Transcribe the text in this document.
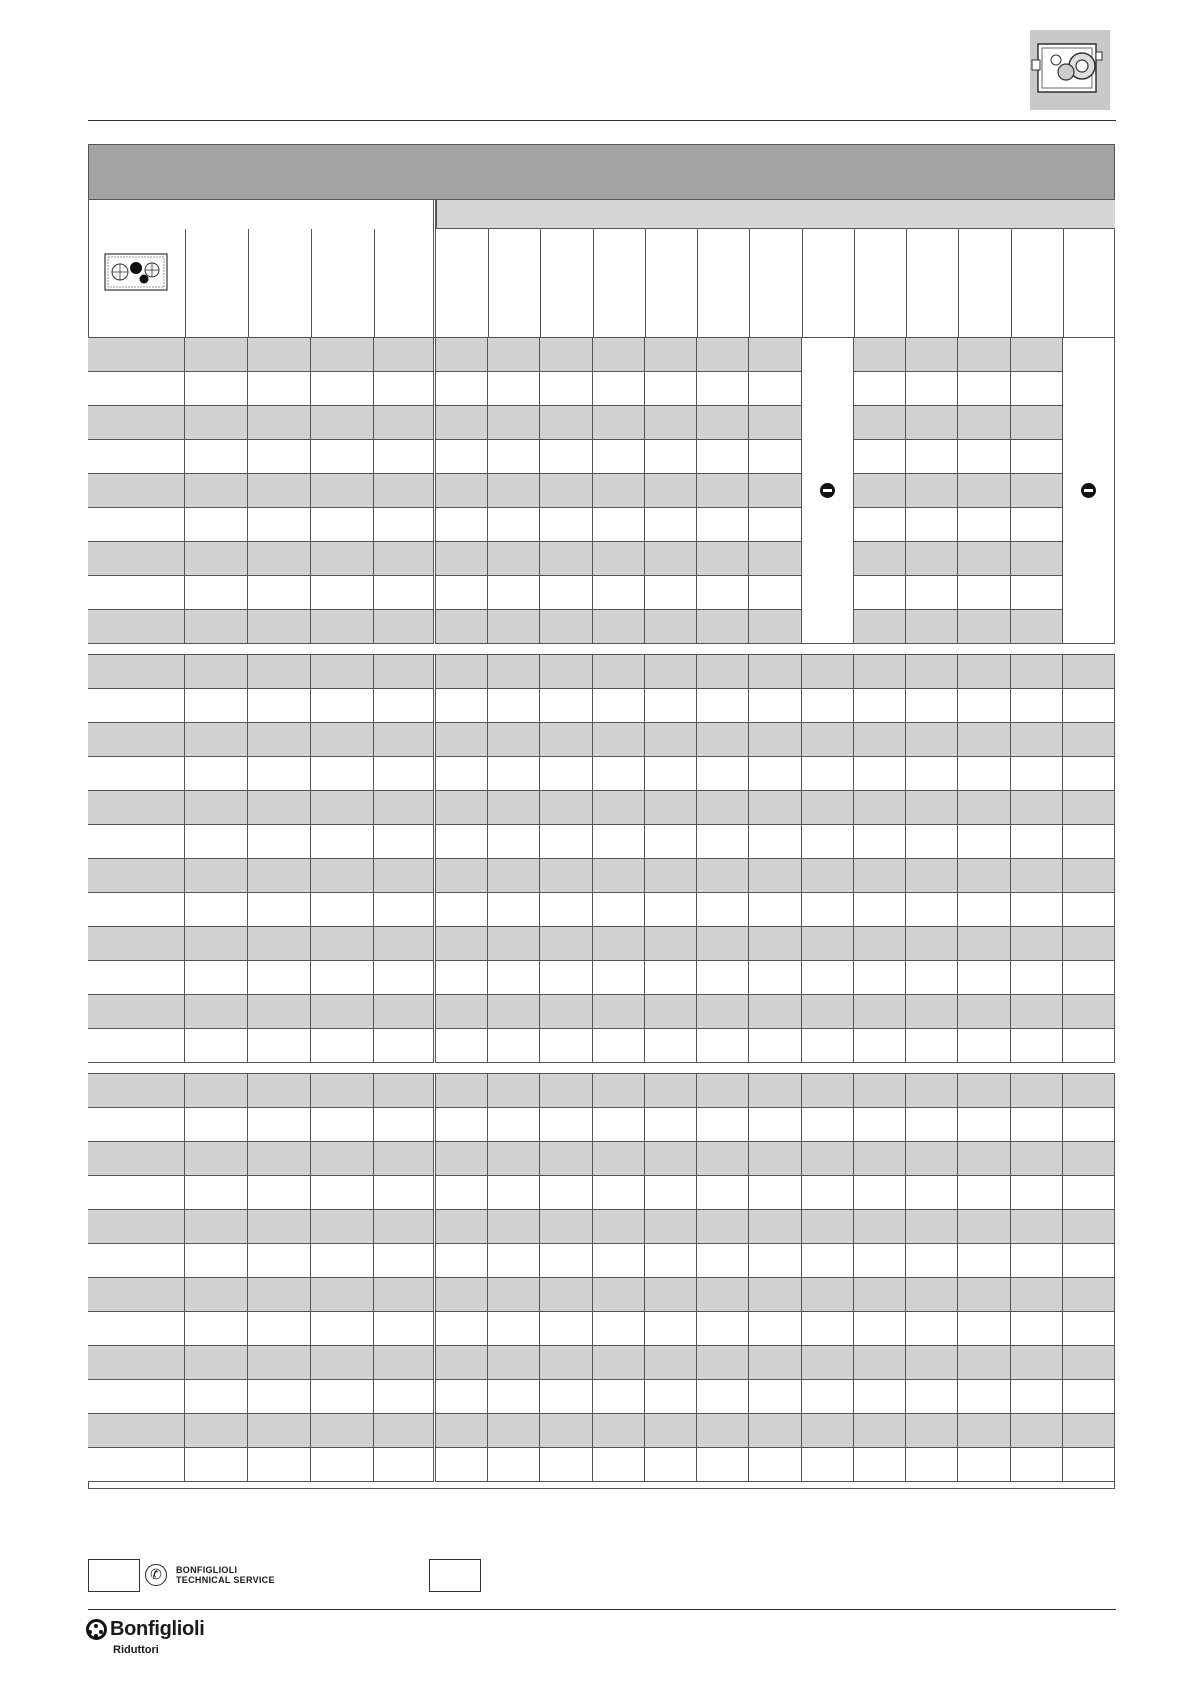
✆	BONFIGLIOLI
TECHNICAL SERVICE
Bonfiglioli
Riduttori
